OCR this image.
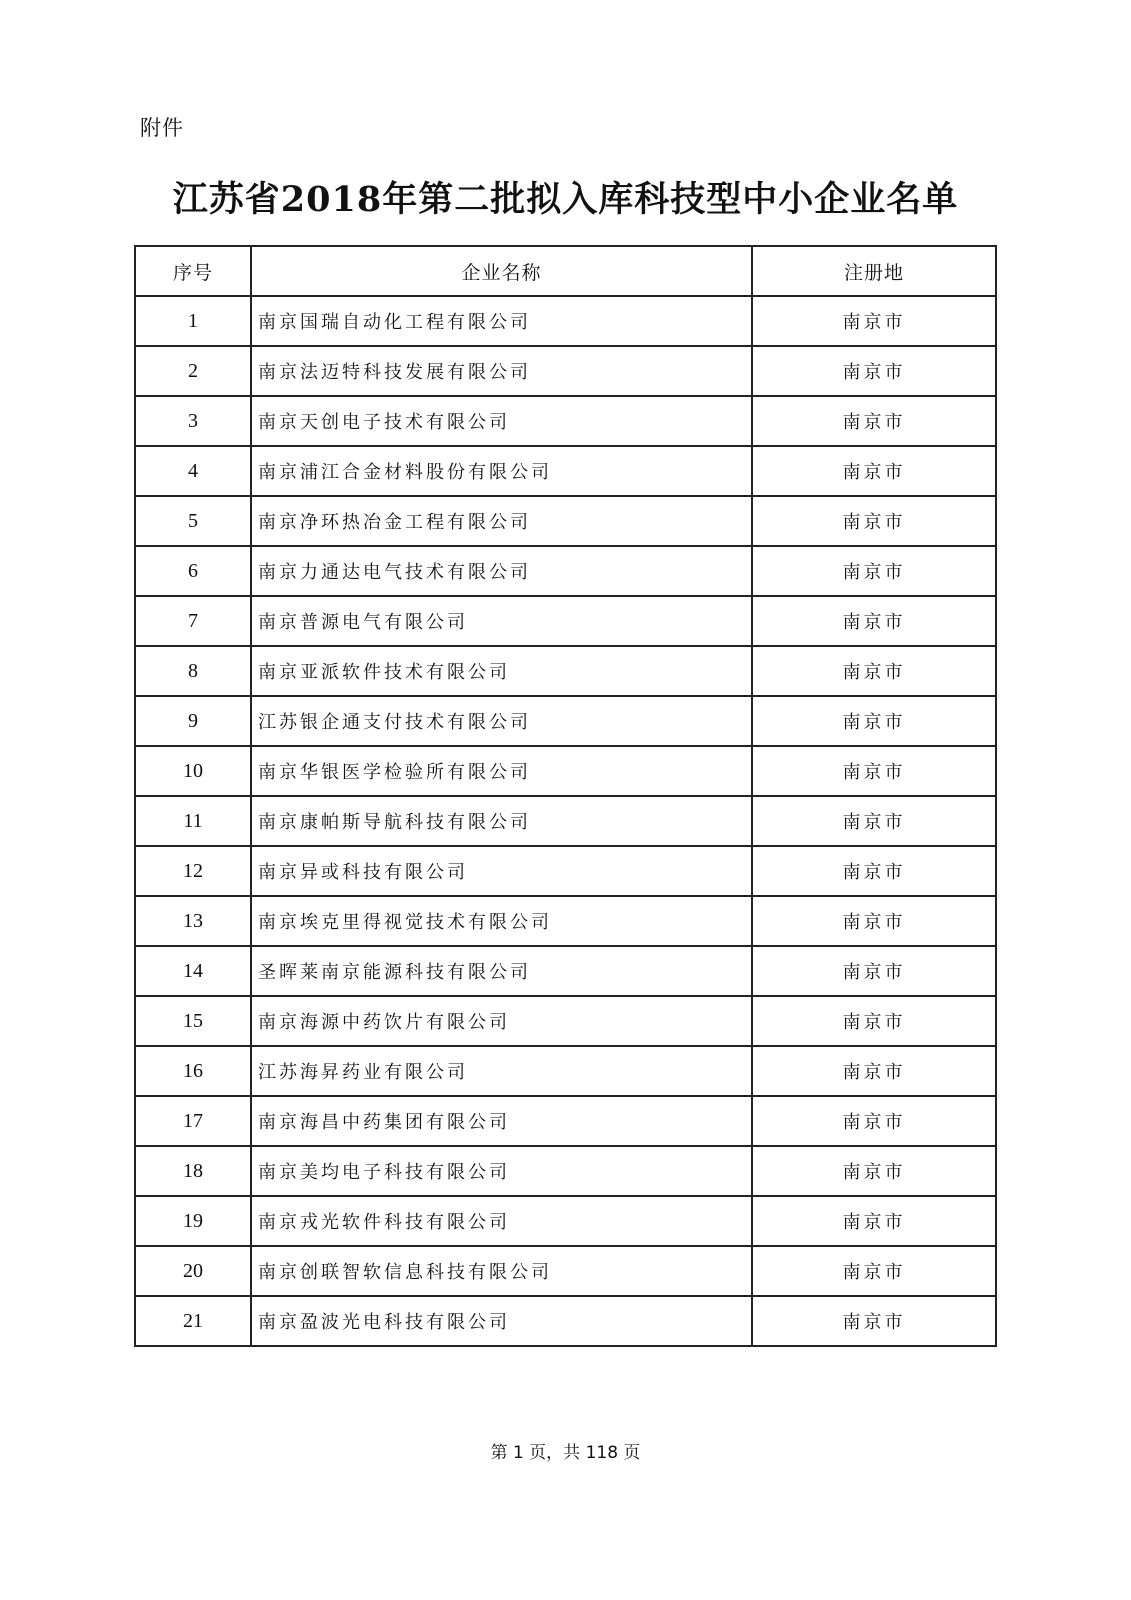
附件
江苏省2018年第二批拟入库科技型中小企业名单
序号	企业名称	注册地
1	南京国瑞自动化工程有限公司	南京市
2	南京法迈特科技发展有限公司	南京市
3	南京天创电子技术有限公司	南京市
4	南京浦江合金材料股份有限公司	南京市
5	南京净环热冶金工程有限公司	南京市
6	南京力通达电气技术有限公司	南京市
7	南京普源电气有限公司	南京市
8	南京亚派软件技术有限公司	南京市
9	江苏银企通支付技术有限公司	南京市
10	南京华银医学检验所有限公司	南京市
11	南京康帕斯导航科技有限公司	南京市
12	南京异或科技有限公司	南京市
13	南京埃克里得视觉技术有限公司	南京市
14	圣晖莱南京能源科技有限公司	南京市
15	南京海源中药饮片有限公司	南京市
16	江苏海昇药业有限公司	南京市
17	南京海昌中药集团有限公司	南京市
18	南京美均电子科技有限公司	南京市
19	南京戎光软件科技有限公司	南京市
20	南京创联智软信息科技有限公司	南京市
21	南京盈波光电科技有限公司	南京市
第 1 页，共 118 页
